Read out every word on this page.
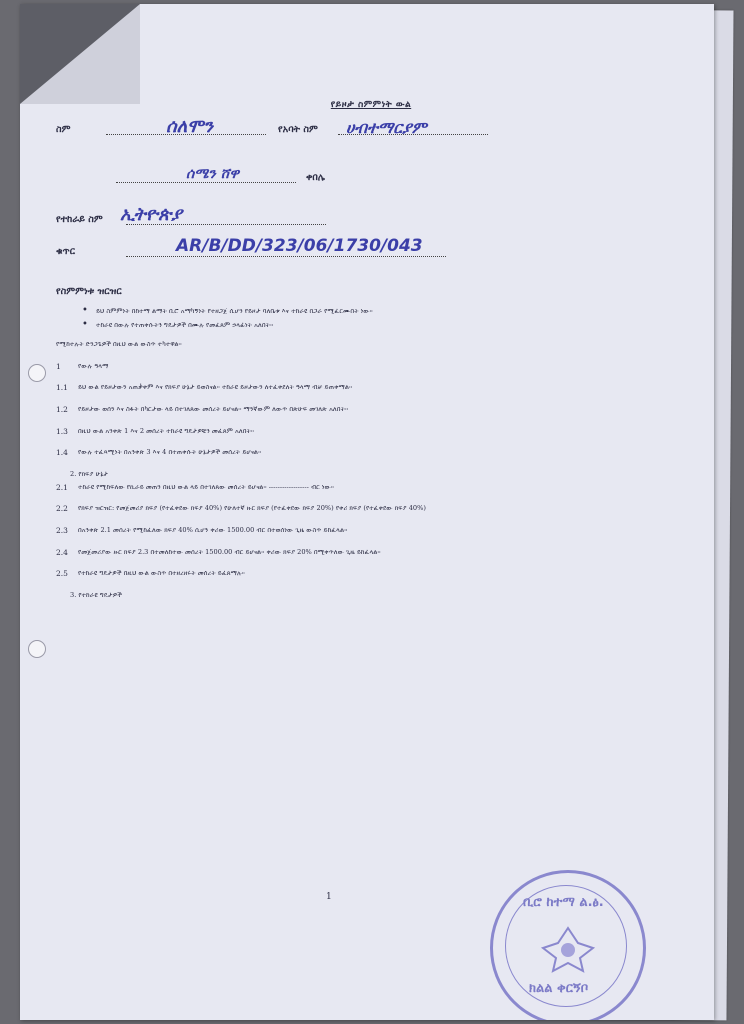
የይዞታ ስምምነት ውል
ስም	ሰለሞን	የአባት ስም ሀብተማርያም
ሰሜን ሸዋ	ቀበሌ
የተከራይ ስም ኢትዮጵያ
ቁጥር	AR/B/DD/323/06/1730/043
የስምምነቱ ዝርዝር
• ይህ ስምምነት በከተማ ልማት ቢሮ አማካኝነት የተዘጋጀ ሲሆን የይዞታ ባለቤቱ እና ተከራዩ በጋራ የሚፈርሙበት ነው፡፡
• ተከራዩ በውሉ የተጠቀሱትን ግዴታዎች በሙሉ የመፈጸም ኃላፊነት አለበት፡፡
የሚከተሉት ድንጋጌዎች በዚህ ውል ውስጥ ተካተዋል፡፡
1	የውሉ ዓላማ
1.1 ይህ ውል የይዞታውን አጠቃቀም እና የክፍያ ሁኔታ ይወስናል፡፡ ተከራዩ ይዞታውን ለተፈቀደለት ዓላማ ብቻ ይጠቀማል፡፡
1.2 የይዞታው ወሰን እና ስፋት በካርታው ላይ በተገለጸው መሰረት ይሆናል፡፡ ማንኛውም ለውጥ በጽሁፍ መገለጽ አለበት፡፡
1.3 በዚህ ውል አንቀጽ 1 እና 2 መሰረት ተከራዩ ግዴታዎቹን መፈጸም አለበት፡፡
1.4 የውሉ ተፈጻሚነት በአንቀጽ 3 እና 4 በተጠቀሱት ሁኔታዎች መሰረት ይሆናል፡፡
2. የክፍያ ሁኔታ
2.1 ተከራዩ የሚከፍለው የኪራይ መጠን በዚህ ውል ላይ በተገለጸው መሰረት ይሆናል፡፡ ------------------ ብር ነው፡፡
2.2 የክፍያ ዝርዝር: የመጀመሪያ ክፍያ (የተፈቀደው ክፍያ 40%) የሁለተኛ ዙር ክፍያ (የተፈቀደው ክፍያ 20%) የቀሪ ክፍያ (የተፈቀደው ክፍያ 40%)
2.3 በአንቀጽ 2.1 መሰረት የሚከፈለው ክፍያ 40% ሲሆን ቀሪው 1500.00 ብር በተወሰነው ጊዜ ውስጥ ይከፈላል፡፡
2.4 የመጀመሪያው ዙር ክፍያ 2.3 በተመለከተው መሰረት 1500.00 ብር ይሆናል፡፡ ቀሪው ክፍያ 20% በሚቀጥለው ጊዜ ይከፈላል፡፡
2.5 የተከራዩ ግዴታዎች በዚህ ውል ውስጥ በተዘረዘሩት መሰረት ይፈጸማሉ፡፡
3. የተከራዩ ግዴታዎች
1	ቢሮ ከተማ ል.ፅ.
ክልል ቀርኝቦ
